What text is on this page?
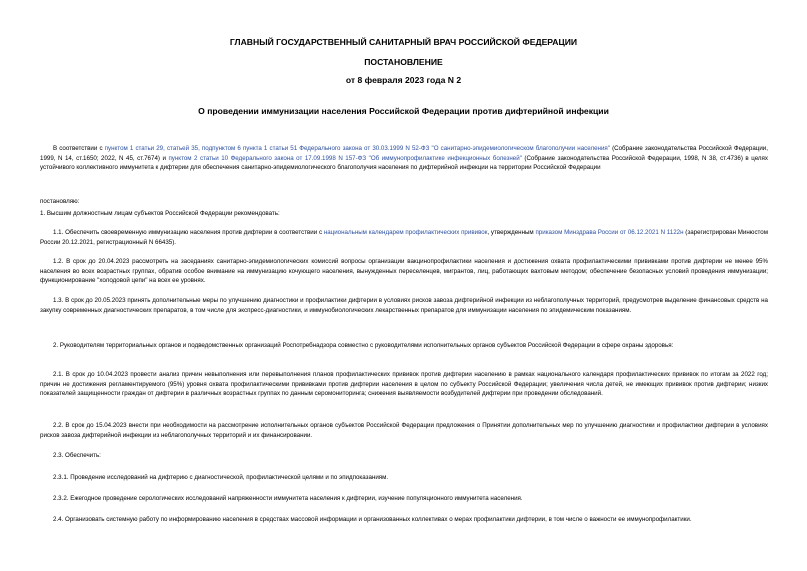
ГЛАВНЫЙ ГОСУДАРСТВЕННЫЙ САНИТАРНЫЙ ВРАЧ РОССИЙСКОЙ ФЕДЕРАЦИИ
ПОСТАНОВЛЕНИЕ
от 8 февраля 2023 года N 2
О проведении иммунизации населения Российской Федерации против дифтерийной инфекции
В соответствии с пунктом 1 статьи 29, статьей 35, подпунктом 6 пункта 1 статьи 51 Федерального закона от 30.03.1999 N 52-ФЗ "О санитарно-эпидемиологическом благополучии населения" (Собрание законодательства Российской Федерации, 1999, N 14, ст.1650; 2022, N 45, ст.7674) и пунктом 2 статьи 10 Федерального закона от 17.09.1998 N 157-ФЗ "Об иммунопрофилактике инфекционных болезней" (Собрание законодательства Российской Федерации, 1998, N 38, ст.4736) в целях устойчивого коллективного иммунитета к дифтерии для обеспечения санитарно-эпидемиологического благополучия населения по дифтерийной инфекции на территории Российской Федерации
постановляю:
1. Высшим должностным лицам субъектов Российской Федерации рекомендовать:
1.1. Обеспечить своевременную иммунизацию населения против дифтерии в соответствии с национальным календарем профилактических прививок, утвержденным приказом Минздрава России от 06.12.2021 N 1122н (зарегистрирован Минюстом России 20.12.2021, регистрационный N 66435).
1.2. В срок до 20.04.2023 рассмотреть на заседаниях санитарно-эпидемиологических комиссий вопросы организации вакцинопрофилактики населения и достижения охвата профилактическими прививками против дифтерии не менее 95% населения во всех возрастных группах, обратив особое внимание на иммунизацию кочующего населения, вынужденных переселенцев, мигрантов, лиц, работающих вахтовым методом; обеспечение безопасных условий проведения иммунизации; функционирование "холодовой цепи" на всех ее уровнях.
1.3. В срок до 20.05.2023 принять дополнительные меры по улучшению диагностики и профилактики дифтерии в условиях рисков завоза дифтерийной инфекции из неблагополучных территорий, предусмотрев выделение финансовых средств на закупку современных диагностических препаратов, в том числе для экспресс-диагностики, и иммунобиологических лекарственных препаратов для иммунизации населения по эпидемическим показаниям.
2. Руководителям территориальных органов и подведомственных организаций Роспотребнадзора совместно с руководителями исполнительных органов субъектов Российской Федерации в сфере охраны здоровья:
2.1. В срок до 10.04.2023 провести анализ причин невыполнения или перевыполнения планов профилактических прививок против дифтерии населению в рамках национального календаря профилактических прививок по итогам за 2022 год; причин не достижения регламентируемого (95%) уровня охвата профилактическими прививками против дифтерии населения в целом по субъекту Российской Федерации; увеличения числа детей, не имеющих прививок против дифтерии; низких показателей защищенности граждан от дифтерии в различных возрастных группах по данным серомониторинга; снижения выявляемости возбудителей дифтерии при проведении обследований.
2.2. В срок до 15.04.2023 внести при необходимости на рассмотрение исполнительных органов субъектов Российской Федерации предложения о Принятии дополнительных мер по улучшению диагностики и профилактики дифтерии в условиях рисков завоза дифтерийной инфекции из неблагополучных территорий и их финансировании.
2.3. Обеспечить:
2.3.1. Проведение исследований на дифтерию с диагностической, профилактической целями и по эпидпоказаниям.
2.3.2. Ежегодное проведение серологических исследований напряженности иммунитета населения к дифтерии, изучение популяционного иммунитета населения.
2.4. Организовать системную работу по информированию населения в средствах массовой информации и организованных коллективах о мерах профилактики дифтерии, в том числе о важности ее иммунопрофилактики.
